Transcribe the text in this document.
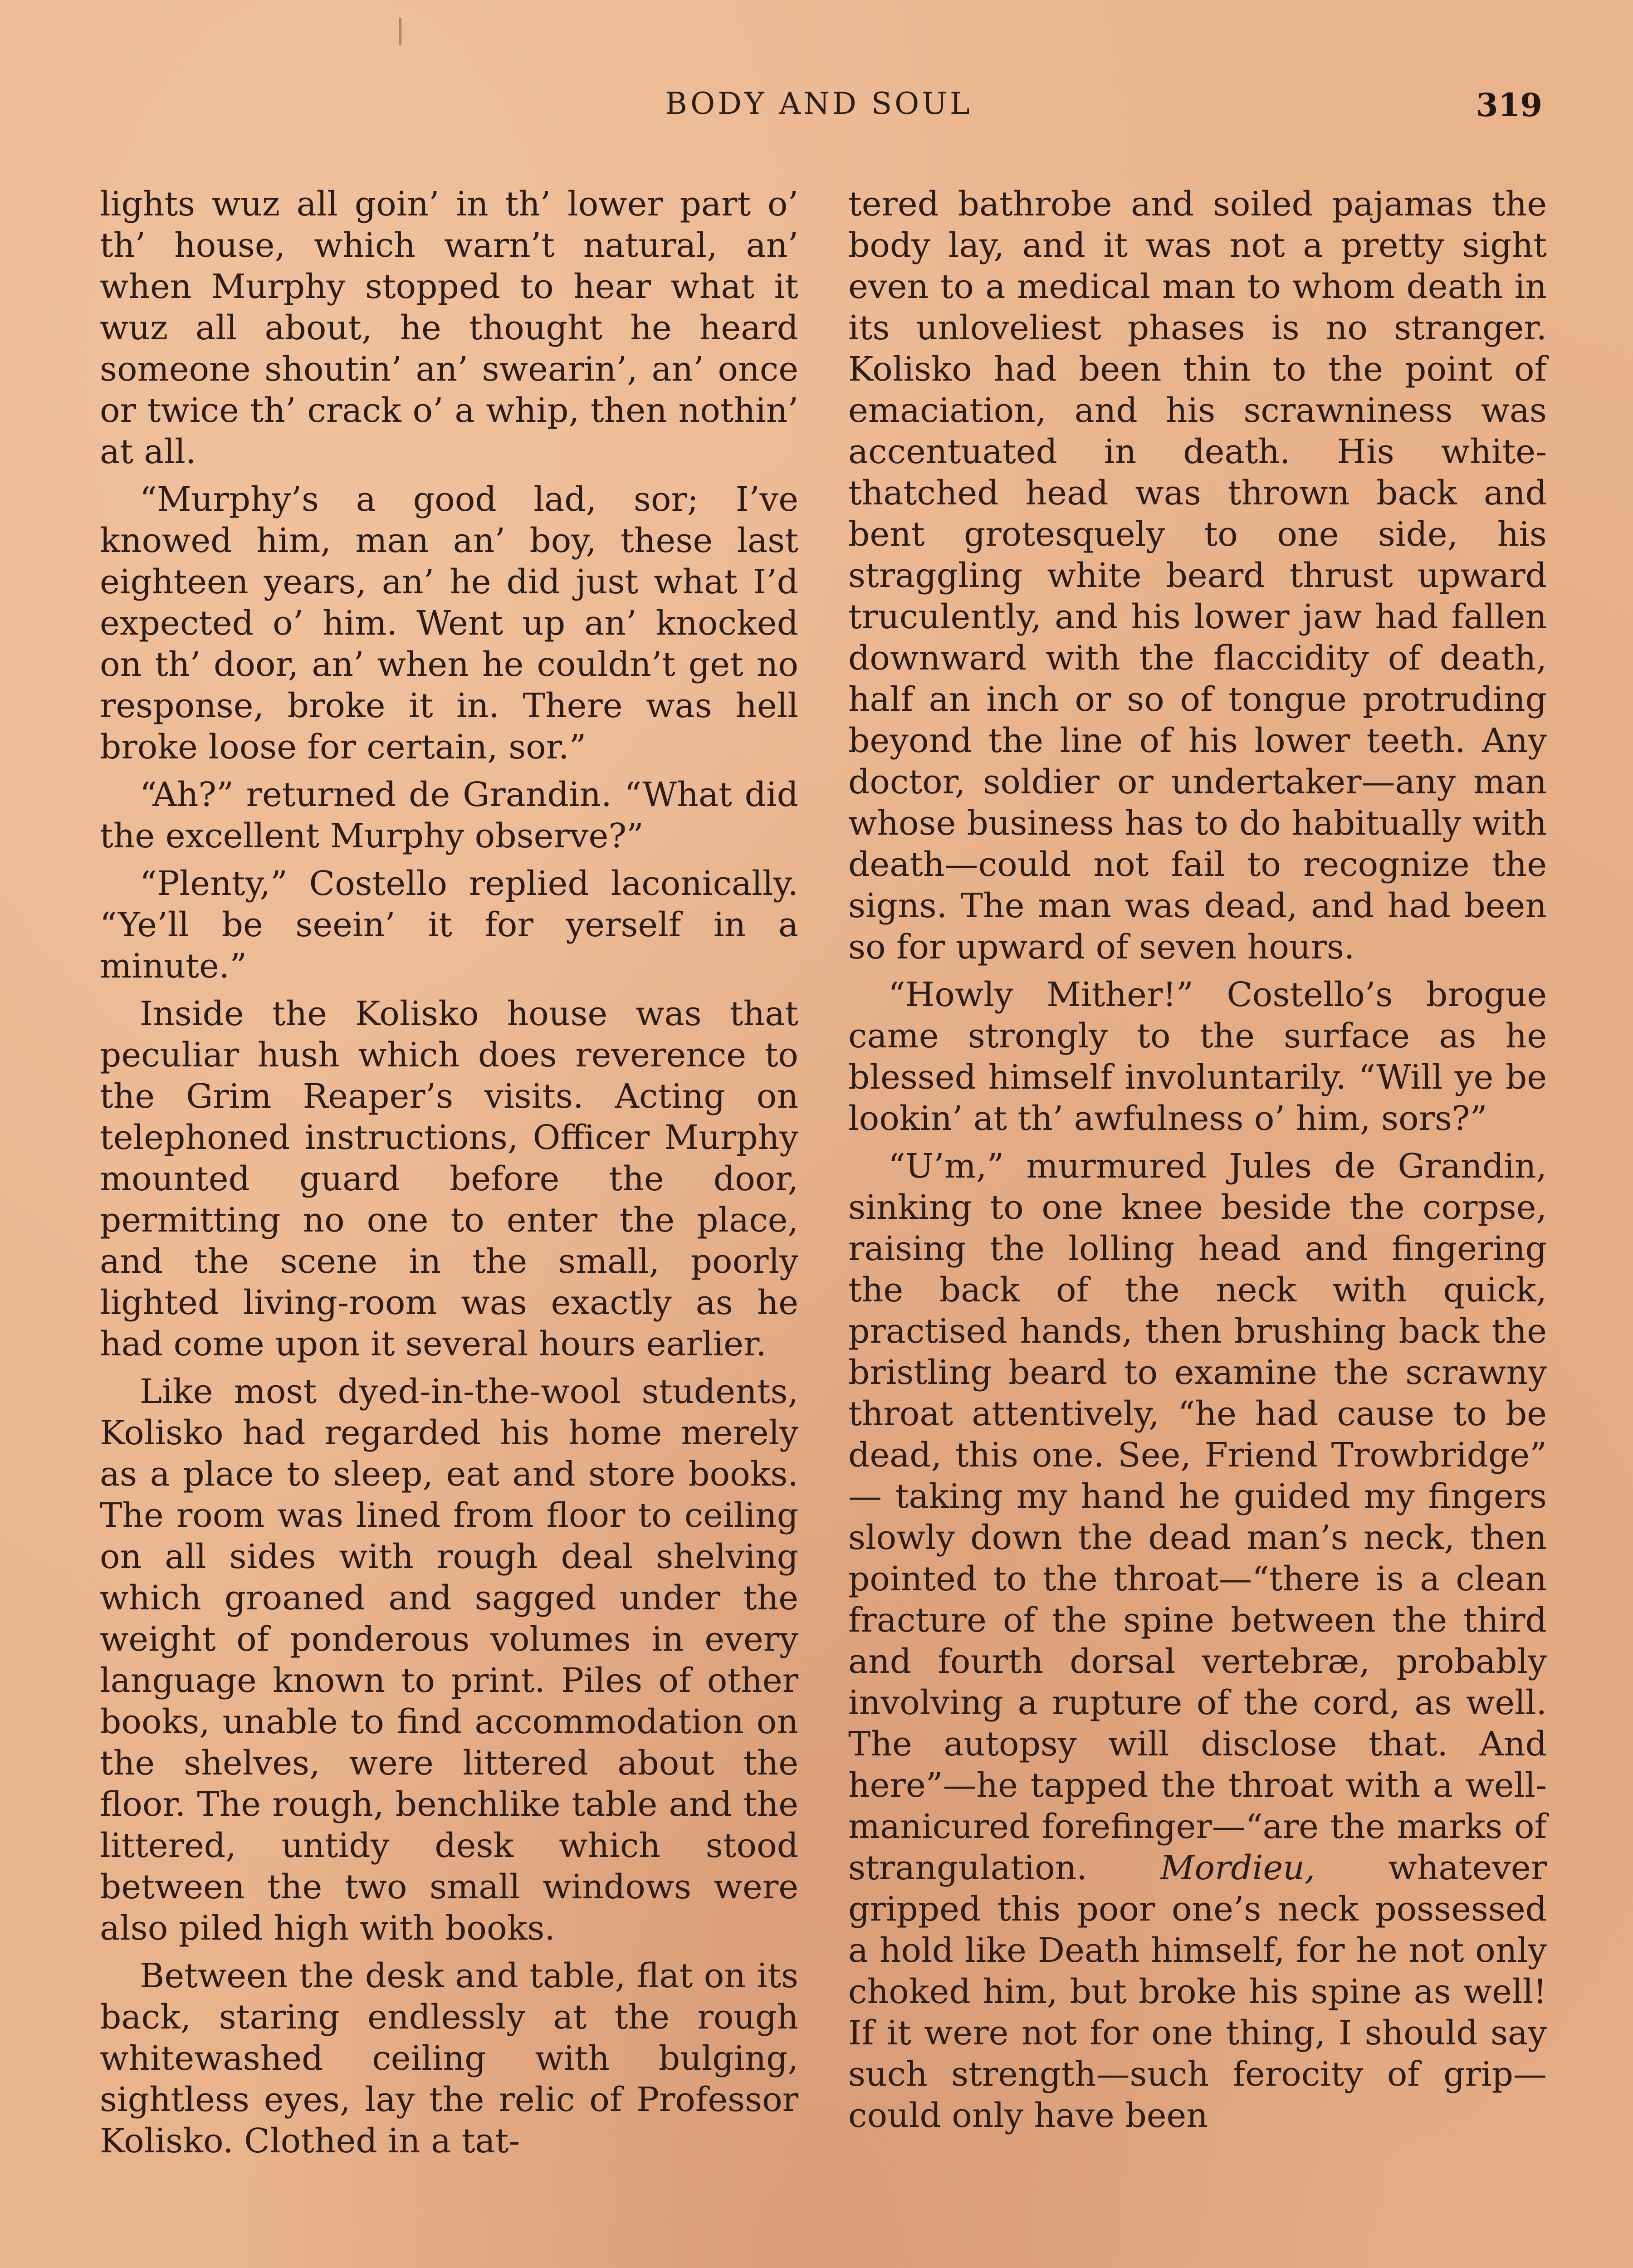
BODY AND SOUL	319

lights wuz all goin’ in th’ lower part o’ th’ house, which warn’t natural, an’ when Murphy stopped to hear what it wuz all about, he thought he heard someone shoutin’ an’ swearin’, an’ once or twice th’ crack o’ a whip, then nothin’ at all.

“Murphy’s a good lad, sor; I’ve knowed him, man an’ boy, these last eighteen years, an’ he did just what I’d expected o’ him. Went up an’ knocked on th’ door, an’ when he couldn’t get no response, broke it in. There was hell broke loose for certain, sor.”

“Ah?” returned de Grandin. “What did the excellent Murphy observe?”

“Plenty,” Costello replied laconically. “Ye’ll be seein’ it for yerself in a minute.”

Inside the Kolisko house was that peculiar hush which does reverence to the Grim Reaper’s visits. Acting on telephoned instructions, Officer Murphy mounted guard before the door, permitting no one to enter the place, and the scene in the small, poorly lighted living-room was exactly as he had come upon it several hours earlier.

Like most dyed-in-the-wool students, Kolisko had regarded his home merely as a place to sleep, eat and store books. The room was lined from floor to ceiling on all sides with rough deal shelving which groaned and sagged under the weight of ponderous volumes in every language known to print. Piles of other books, unable to find accommodation on the shelves, were littered about the floor. The rough, benchlike table and the littered, untidy desk which stood between the two small windows were also piled high with books.

Between the desk and table, flat on its back, staring endlessly at the rough whitewashed ceiling with bulging, sightless eyes, lay the relic of Professor Kolisko. Clothed in a tat-

tered bathrobe and soiled pajamas the body lay, and it was not a pretty sight even to a medical man to whom death in its unloveliest phases is no stranger. Kolisko had been thin to the point of emaciation, and his scrawniness was accentuated in death. His white-thatched head was thrown back and bent grotesquely to one side, his straggling white beard thrust upward truculently, and his lower jaw had fallen downward with the flaccidity of death, half an inch or so of tongue protruding beyond the line of his lower teeth. Any doctor, soldier or undertaker—any man whose business has to do habitually with death—could not fail to recognize the signs. The man was dead, and had been so for upward of seven hours.

“Howly Mither!” Costello’s brogue came strongly to the surface as he blessed himself involuntarily. “Will ye be lookin’ at th’ awfulness o’ him, sors?”

“U’m,” murmured Jules de Grandin, sinking to one knee beside the corpse, raising the lolling head and fingering the back of the neck with quick, practised hands, then brushing back the bristling beard to examine the scrawny throat attentively, “he had cause to be dead, this one. See, Friend Trowbridge” — taking my hand he guided my fingers slowly down the dead man’s neck, then pointed to the throat—“there is a clean fracture of the spine between the third and fourth dorsal vertebræ, probably involving a rupture of the cord, as well. The autopsy will disclose that. And here”—he tapped the throat with a well-manicured forefinger—“are the marks of strangulation. Mordieu, whatever gripped this poor one’s neck possessed a hold like Death himself, for he not only choked him, but broke his spine as well! If it were not for one thing, I should say such strength—such ferocity of grip—could only have been
